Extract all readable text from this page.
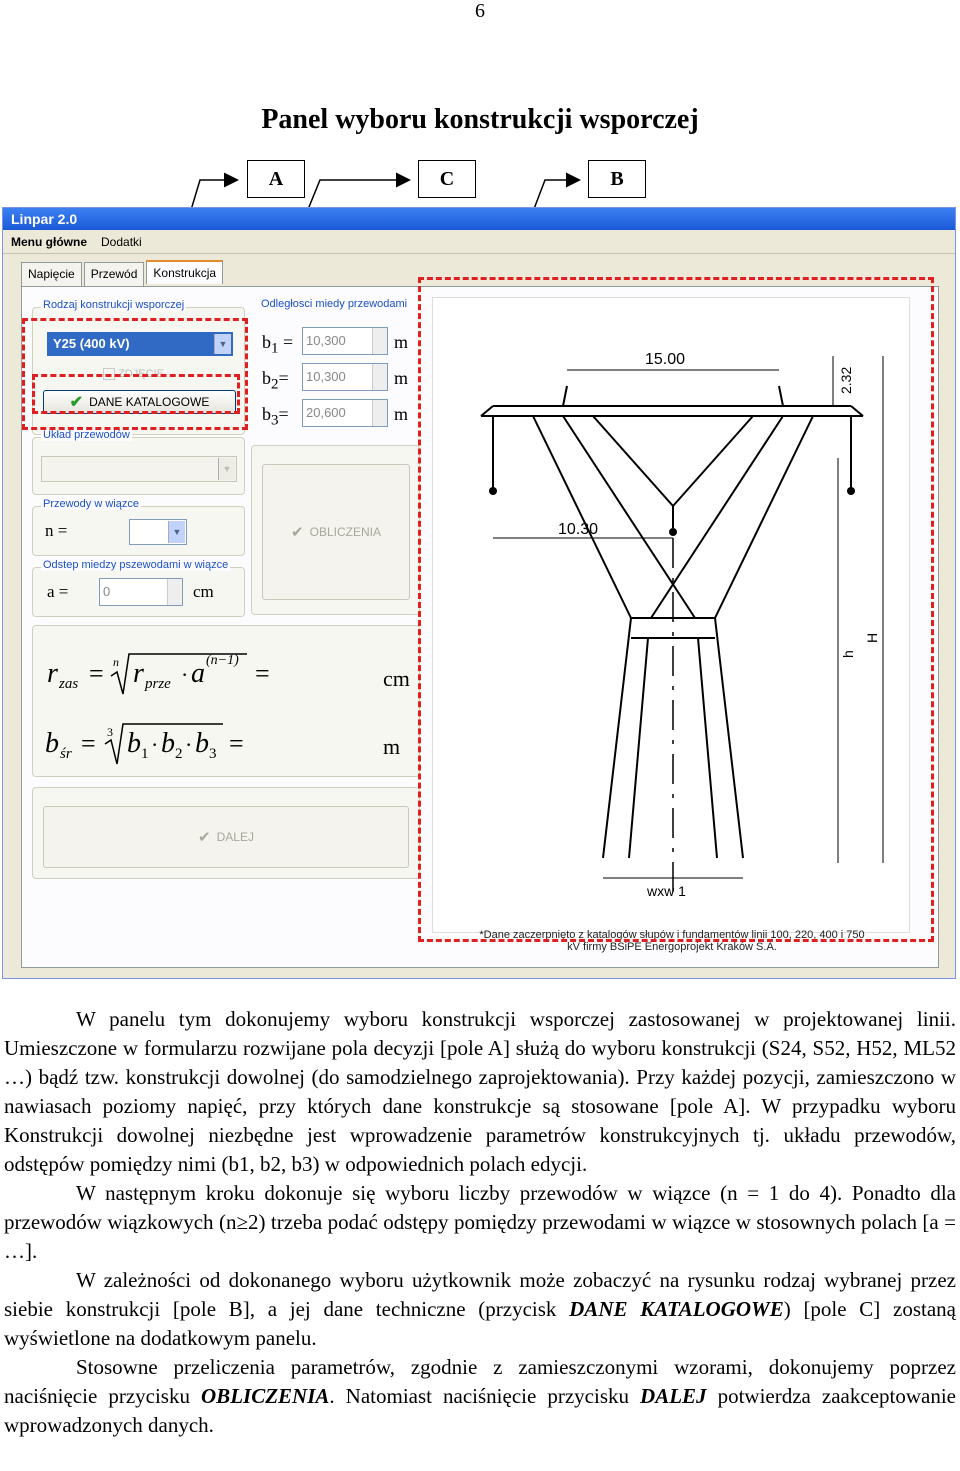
6
Panel wyboru konstrukcji wsporczej
A	C	B
Linpar 2.0
Menu główne Dodatki
Napięcie	Przewód	Konstrukcja
Rodzaj konstrukcji wsporczej
Y25 (400 kV)	▼
ZDJĘCIE
✔ DANE KATALOGOWE
Układ przewodów
▼
Przewody w wiązce
n =	▼
Odstep miedzy pszewodami w wiązce
a =	0	cm
Odległosci miedy przewodami
$b_1 = 10,300$	m
$b_2=$	10,300	m
$b_3=$	20,600	m
✔ OBLICZENIA
r zas = n r prze · a (n−1) =
b śr = 3 b 1 · b 2 · b 3 =
cm
m
✔ DALEJ
15.00
10.30
2.32
h
H
wxw 1
*Dane zaczerpnięto z katalogów słupów i fundamentów linii 100, 220, 400 i 750
kV firmy BSiPE Energoprojekt Kraków S.A.

W panelu tym dokonujemy wyboru konstrukcji wsporczej zastosowanej w projektowanej linii. Umieszczone w formularzu rozwijane pola decyzji [pole A] służą do wyboru konstrukcji (S24, S52, H52, ML52 …) bądź tzw. konstrukcji dowolnej (do samodzielnego zaprojektowania). Przy każdej pozycji, zamieszczono w nawiasach poziomy napięć, przy których dane konstrukcje są stosowane [pole A]. W przypadku wyboru Konstrukcji dowolnej niezbędne jest wprowadzenie parametrów konstrukcyjnych tj. układu przewodów, odstępów pomiędzy nimi (b1, b2, b3) w odpowiednich polach edycji.

W następnym kroku dokonuje się wyboru liczby przewodów w wiązce (n = 1 do 4). Ponadto dla przewodów wiązkowych (n≥2) trzeba podać odstępy pomiędzy przewodami w wiązce w stosownych polach [a = …].

W zależności od dokonanego wyboru użytkownik może zobaczyć na rysunku rodzaj wybranej przez siebie konstrukcji [pole B], a jej dane techniczne (przycisk DANE KATALOGOWE) [pole C] zostaną wyświetlone na dodatkowym panelu.

Stosowne przeliczenia parametrów, zgodnie z zamieszczonymi wzorami, dokonujemy poprzez naciśnięcie przycisku OBLICZENIA. Natomiast naciśnięcie przycisku DALEJ potwierdza zaakceptowanie wprowadzonych danych.
